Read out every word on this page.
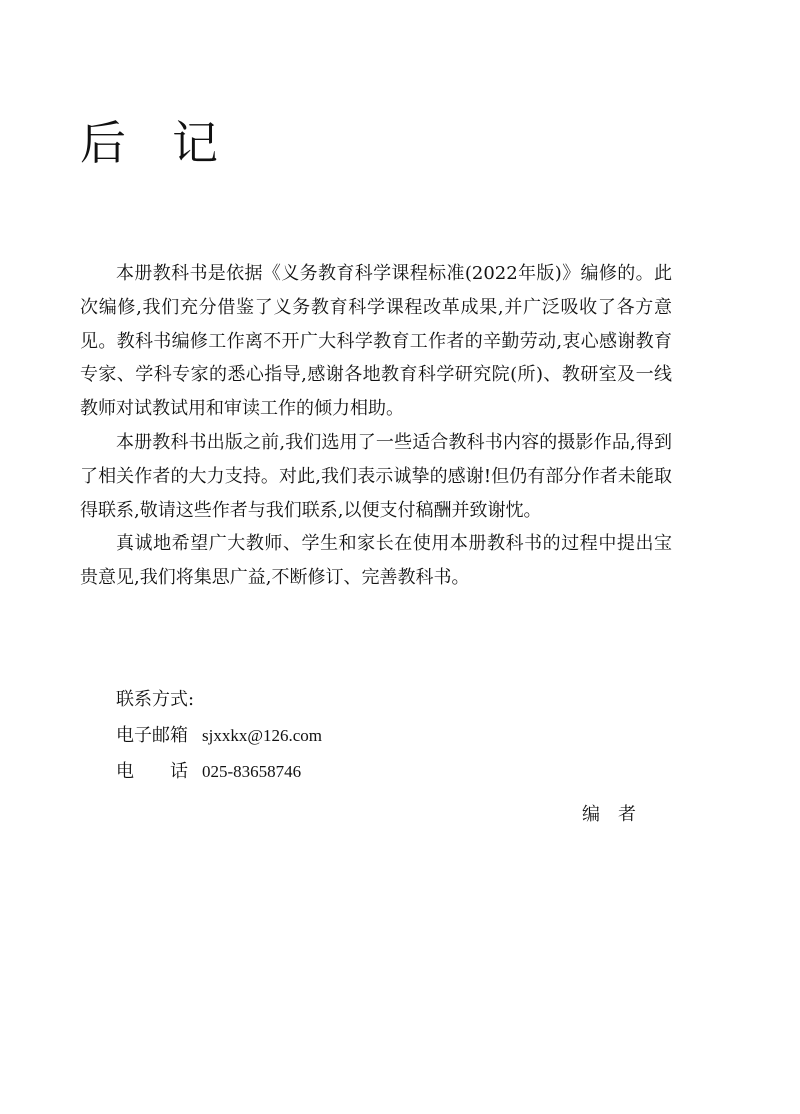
后　记

本册教科书是依据《义务教育科学课程标准(2022年版)》编修的。此次编修,我们充分借鉴了义务教育科学课程改革成果,并广泛吸收了各方意见。教科书编修工作离不开广大科学教育工作者的辛勤劳动,衷心感谢教育专家、学科专家的悉心指导,感谢各地教育科学研究院(所)、教研室及一线教师对试教试用和审读工作的倾力相助。

本册教科书出版之前,我们选用了一些适合教科书内容的摄影作品,得到了相关作者的大力支持。对此,我们表示诚挚的感谢!但仍有部分作者未能取得联系,敬请这些作者与我们联系,以便支付稿酬并致谢忱。

真诚地希望广大教师、学生和家长在使用本册教科书的过程中提出宝贵意见,我们将集思广益,不断修订、完善教科书。

联系方式:
电子邮箱 sjxxkx@126.com
电　　话 025-83658746
编　者
